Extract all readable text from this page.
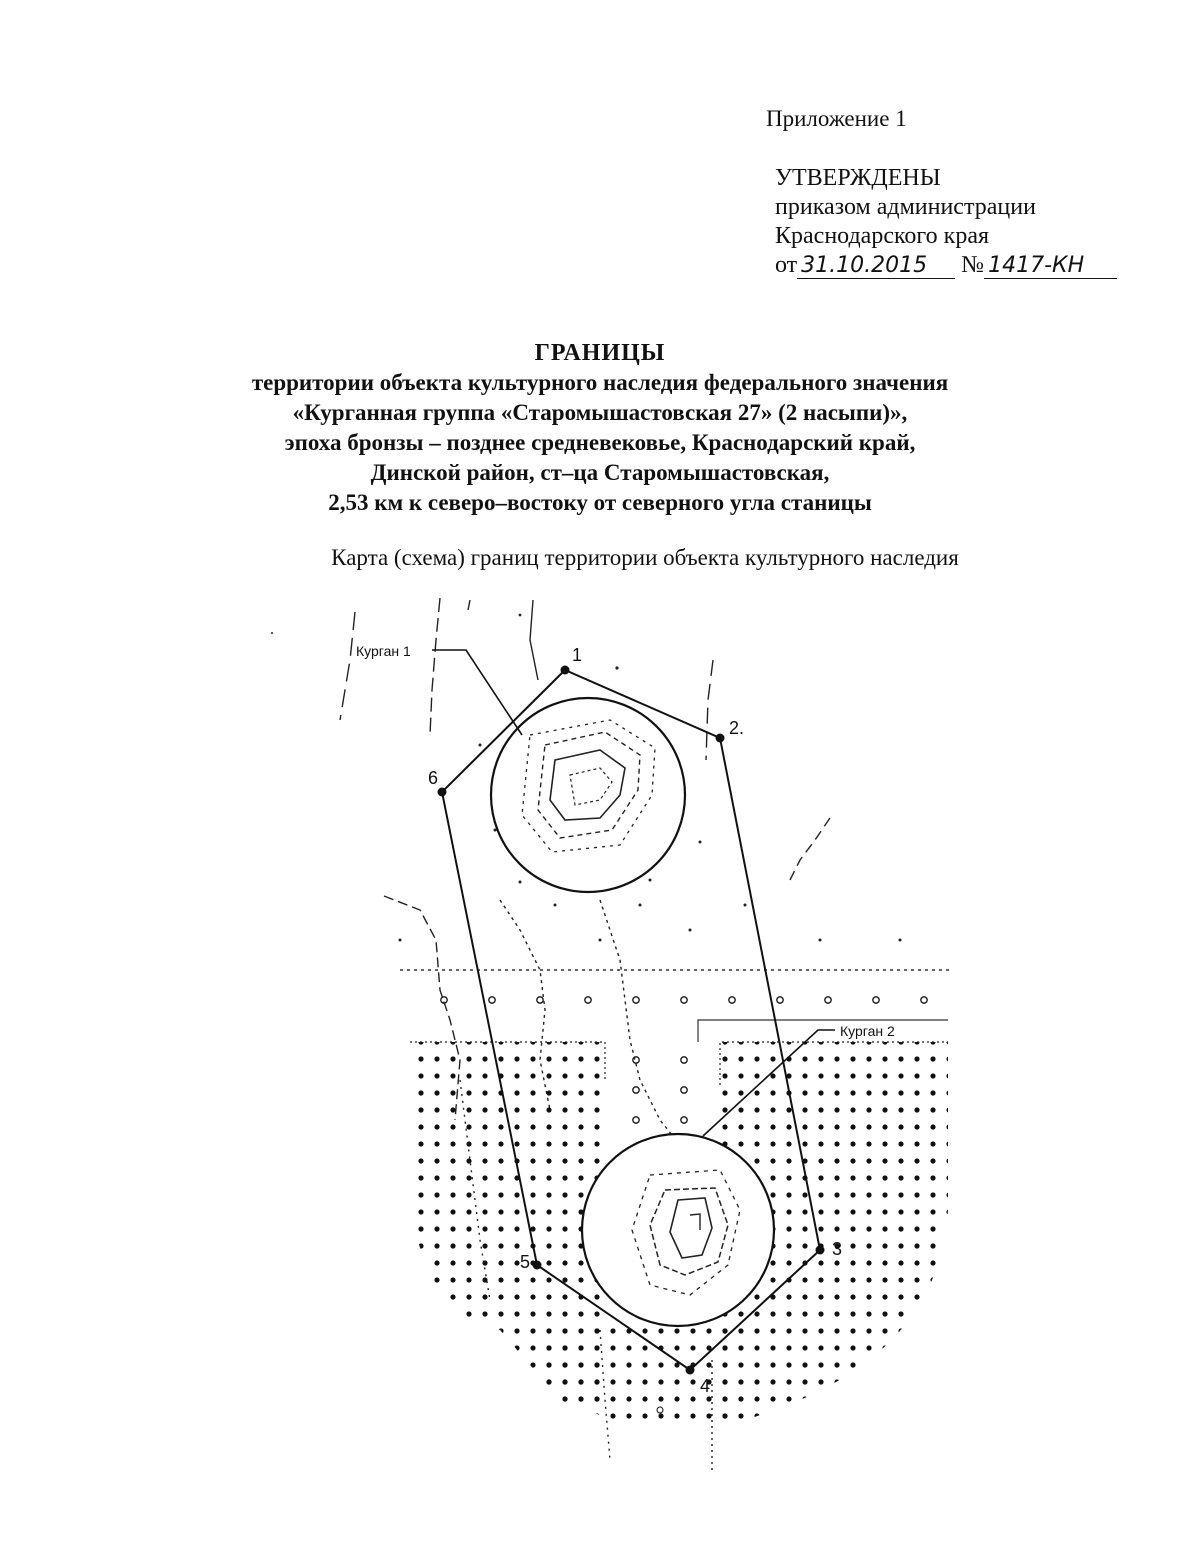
Приложение 1
УТВЕРЖДЕНЫ
приказом администрации
Краснодарского края
от 31.10.2015 № 1417-КН
ГРАНИЦЫ
территории объекта культурного наследия федерального значения
«Курганная группа «Старомышастовская 27» (2 насыпи)»,
эпоха бронзы – позднее средневековье, Краснодарский край,
Динской район, ст–ца Старомышастовская,
2,53 км к северо–востоку от северного угла станицы
Карта (схема) границ территории объекта культурного наследия
1
2.
3
4
5
6
Курган 1
Курган 2
